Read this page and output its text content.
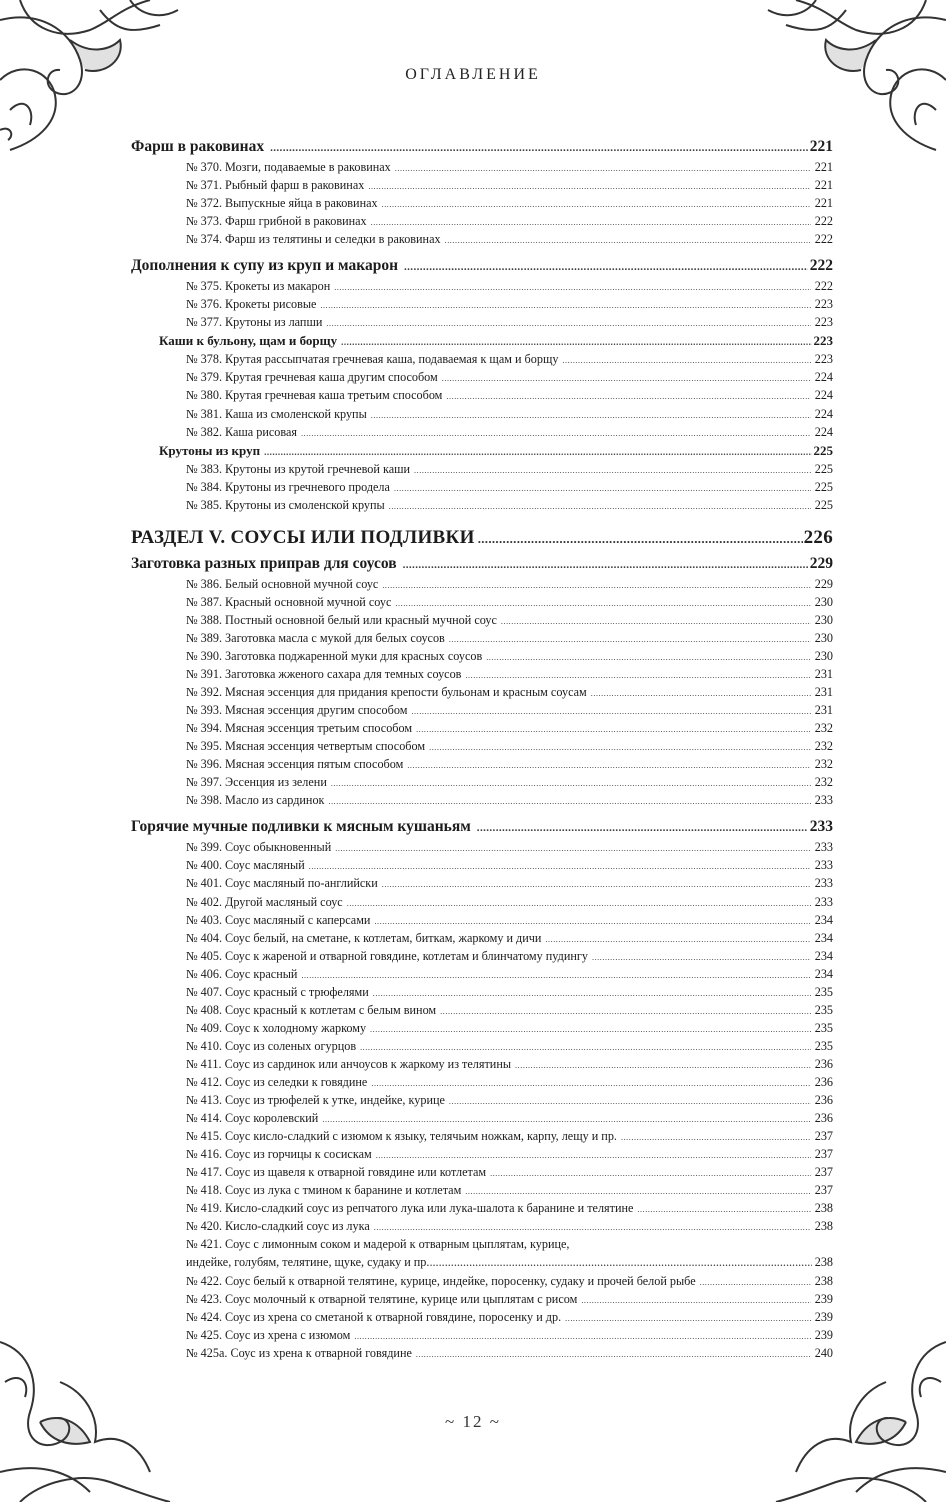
ОГЛАВЛЕНИЕ
Фарш в раковинах .....	221
№ 370. Мозги, подаваемые в раковинах .....	221
№ 371. Рыбный фарш в раковинах .....	221
№ 372. Выпускные яйца в раковинах .....	221
№ 373. Фарш грибной в раковинах .....	222
№ 374. Фарш из телятины и селедки в раковинах .....	222
Дополнения к супу из круп и макарон .....	222
№ 375. Крокеты из макарон .....	222
№ 376. Крокеты рисовые .....	223
№ 377. Крутоны из лапши .....	223
Каши к бульону, щам и борщу .....	223
№ 378. Крутая рассыпчатая гречневая каша, подаваемая к щам и борщу .....	223
№ 379. Крутая гречневая каша другим способом .....	224
№ 380. Крутая гречневая каша третьим способом .....	224
№ 381. Каша из смоленской крупы .....	224
№ 382. Каша рисовая .....	224
Крутоны из круп .....	225
№ 383. Крутоны из крутой гречневой каши .....	225
№ 384. Крутоны из гречневого продела .....	225
№ 385. Крутоны из смоленской крупы .....	225
РАЗДЕЛ V. СОУСЫ ИЛИ ПОДЛИВКИ .....	226
Заготовка разных приправ для соусов .....	229
№ 386. Белый основной мучной соус .....	229
№ 387. Красный основной мучной соус .....	230
№ 388. Постный основной белый или красный мучной соус .....	230
№ 389. Заготовка масла с мукой для белых соусов .....	230
№ 390. Заготовка поджаренной муки для красных соусов .....	230
№ 391. Заготовка жженого сахара для темных соусов .....	231
№ 392. Мясная эссенция для придания крепости бульонам и красным соусам .....	231
№ 393. Мясная эссенция другим способом .....	231
№ 394. Мясная эссенция третьим способом .....	232
№ 395. Мясная эссенция четвертым способом .....	232
№ 396. Мясная эссенция пятым способом .....	232
№ 397. Эссенция из зелени .....	232
№ 398. Масло из сардинок .....	233
Горячие мучные подливки к мясным кушаньям .....	233
№ 399. Соус обыкновенный .....	233
№ 400. Соус масляный .....	233
№ 401. Соус масляный по-английски .....	233
№ 402. Другой масляный соус .....	233
№ 403. Соус масляный с каперсами .....	234
№ 404. Соус белый, на сметане, к котлетам, биткам, жаркому и дичи .....	234
№ 405. Соус к жареной и отварной говядине, котлетам и блинчатому пудингу .....	234
№ 406. Соус красный .....	234
№ 407. Соус красный с трюфелями .....	235
№ 408. Соус красный к котлетам с белым вином .....	235
№ 409. Соус к холодному жаркому .....	235
№ 410. Соус из соленых огурцов .....	235
№ 411. Соус из сардинок или анчоусов к жаркому из телятины .....	236
№ 412. Соус из селедки к говядине .....	236
№ 413. Соус из трюфелей к утке, индейке, курице .....	236
№ 414. Соус королевский .....	236
№ 415. Соус кисло-сладкий с изюмом к языку, телячьим ножкам, карпу, лещу и пр. .....	237
№ 416. Соус из горчицы к сосискам .....	237
№ 417. Соус из щавеля к отварной говядине или котлетам .....	237
№ 418. Соус из лука с тмином к баранине и котлетам .....	237
№ 419. Кисло-сладкий соус из репчатого лука или лука-шалота к баранине и телятине .....	238
№ 420. Кисло-сладкий соус из лука .....	238
№ 421. Соус с лимонным соком и мадерой к отварным цыплятам, курице,
индейке, голубям, телятине, щуке, судаку и пр. .....	238
№ 422. Соус белый к отварной телятине, курице, индейке, поросенку, судаку и прочей белой рыбе .....	238
№ 423. Соус молочный к отварной телятине, курице или цыплятам с рисом .....	239
№ 424. Соус из хрена со сметаной к отварной говядине, поросенку и др. .....	239
№ 425. Соус из хрена с изюмом .....	239
№ 425а. Соус из хрена к отварной говядине .....	240
~ 12 ~
